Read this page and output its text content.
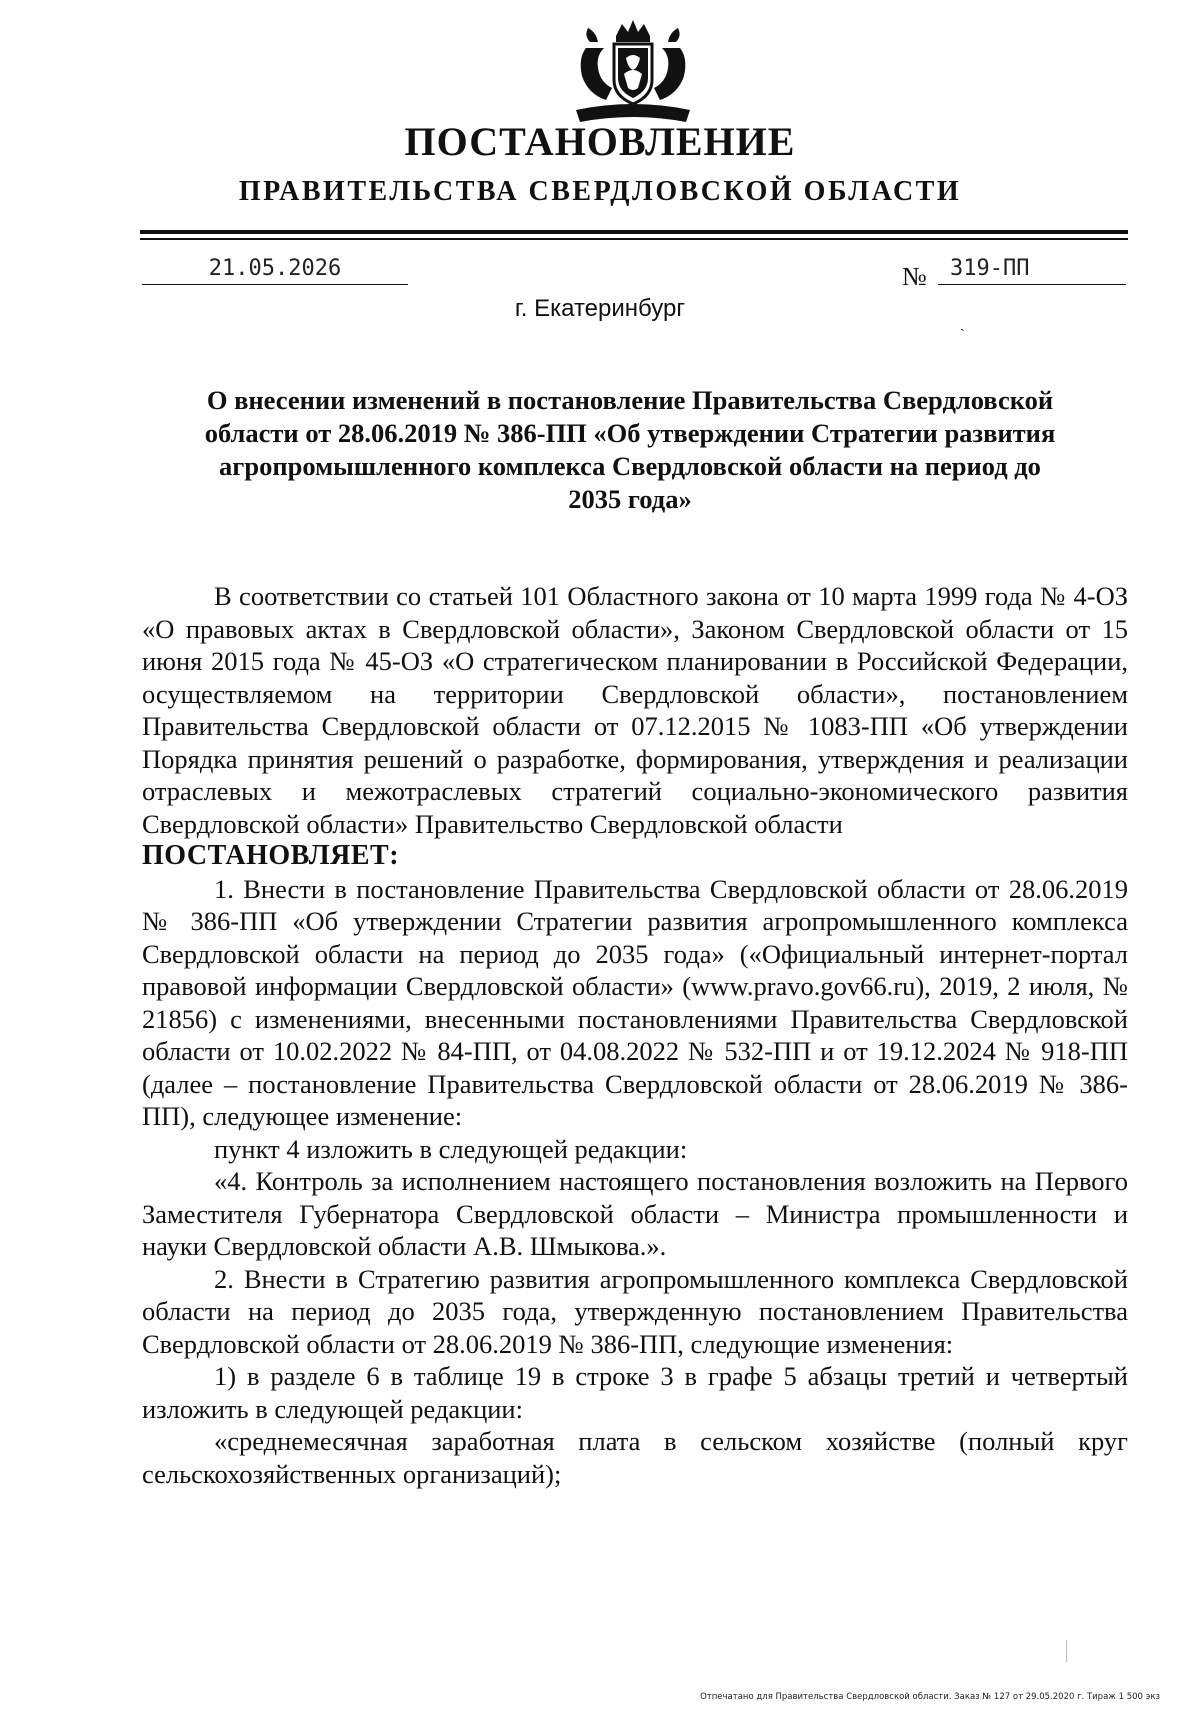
ПОСТАНОВЛЕНИЕ
ПРАВИТЕЛЬСТВА СВЕРДЛОВСКОЙ ОБЛАСТИ
21.05.2026	№	319-ПП
г. Екатеринбург
ˎ
О внесении изменений в постановление Правительства Свердловской области от 28.06.2019 № 386-ПП «Об утверждении Стратегии развития агропромышленного комплекса Свердловской области на период до 2035 года»

В соответствии со статьей 101 Областного закона от 10 марта 1999 года № 4-ОЗ «О правовых актах в Свердловской области», Законом Свердловской области от 15 июня 2015 года № 45-ОЗ «О стратегическом планировании в Российской Федерации, осуществляемом на территории Свердловской области», постановлением Правительства Свердловской области от 07.12.2015 № 1083-ПП «Об утверждении Порядка принятия решений о разработке, формирования, утверждения и реализации отраслевых и межотраслевых стратегий социально-экономического развития Свердловской области» Правительство Свердловской области

ПОСТАНОВЛЯЕТ:

1. Внести в постановление Правительства Свердловской области от 28.06.2019 № 386-ПП «Об утверждении Стратегии развития агропромышленного комплекса Свердловской области на период до 2035 года» («Официальный интернет-портал правовой информации Свердловской области» (www.pravo.gov66.ru), 2019, 2 июля, № 21856) с изменениями, внесенными постановлениями Правительства Свердловской области от 10.02.2022 № 84-ПП, от 04.08.2022 № 532-ПП и от 19.12.2024 № 918-ПП (далее – постановление Правительства Свердловской области от 28.06.2019 № 386-ПП), следующее изменение:

пункт 4 изложить в следующей редакции:

«4. Контроль за исполнением настоящего постановления возложить на Первого Заместителя Губернатора Свердловской области – Министра промышленности и науки Свердловской области А.В. Шмыкова.».

2. Внести в Стратегию развития агропромышленного комплекса Свердловской области на период до 2035 года, утвержденную постановлением Правительства Свердловской области от 28.06.2019 № 386-ПП, следующие изменения:

1) в разделе 6 в таблице 19 в строке 3 в графе 5 абзацы третий и четвертый изложить в следующей редакции:

«среднемесячная заработная плата в сельском хозяйстве (полный круг сельскохозяйственных организаций);

Отпечатано для Правительства Свердловской области. Заказ № 127 от 29.05.2020 г. Тираж 1 500 экз
